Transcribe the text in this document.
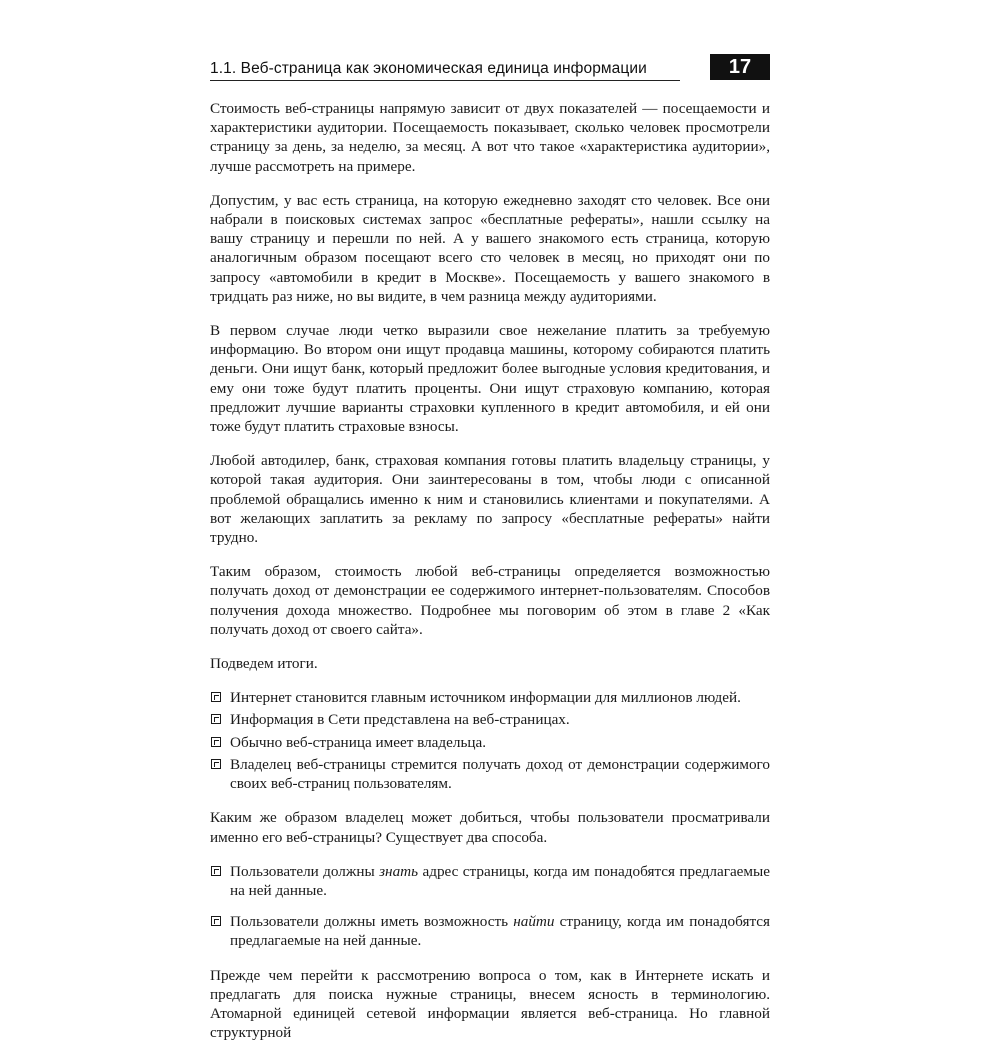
1.1. Веб-страница как экономическая единица информации	17

Стоимость веб-страницы напрямую зависит от двух показателей — посещаемости и характеристики аудитории. Посещаемость показывает, сколько человек просмотрели страницу за день, за неделю, за месяц. А вот что такое «характеристика аудитории», лучше рассмотреть на примере.

Допустим, у вас есть страница, на которую ежедневно заходят сто человек. Все они набрали в поисковых системах запрос «бесплатные рефераты», нашли ссылку на вашу страницу и перешли по ней. А у вашего знакомого есть страница, которую аналогичным образом посещают всего сто человек в месяц, но приходят они по запросу «автомобили в кредит в Москве». Посещаемость у вашего знакомого в тридцать раз ниже, но вы видите, в чем разница между аудиториями.

В первом случае люди четко выразили свое нежелание платить за требуемую информацию. Во втором они ищут продавца машины, которому собираются платить деньги. Они ищут банк, который предложит более выгодные условия кредитования, и ему они тоже будут платить проценты. Они ищут страховую компанию, которая предложит лучшие варианты страховки купленного в кредит автомобиля, и ей они тоже будут платить страховые взносы.

Любой автодилер, банк, страховая компания готовы платить владельцу страницы, у которой такая аудитория. Они заинтересованы в том, чтобы люди с описанной проблемой обращались именно к ним и становились клиентами и покупателями. А вот желающих заплатить за рекламу по запросу «бесплатные рефераты» найти трудно.

Таким образом, стоимость любой веб-страницы определяется возможностью получать доход от демонстрации ее содержимого интернет-пользователям. Способов получения дохода множество. Подробнее мы поговорим об этом в главе 2 «Как получать доход от своего сайта».

Подведем итоги.

Интернет становится главным источником информации для миллионов людей.
Информация в Сети представлена на веб-страницах.
Обычно веб-страница имеет владельца.
Владелец веб-страницы стремится получать доход от демонстрации содержимого своих веб-страниц пользователям.

Каким же образом владелец может добиться, чтобы пользователи просматривали именно его веб-страницы? Существует два способа.

Пользователи должны знать адрес страницы, когда им понадобятся предлагаемые на ней данные.
Пользователи должны иметь возможность найти страницу, когда им понадобятся предлагаемые на ней данные.

Прежде чем перейти к рассмотрению вопроса о том, как в Интернете искать и предлагать для поиска нужные страницы, внесем ясность в терминологию. Атомарной единицей сетевой информации является веб-страница. Но главной структурной
